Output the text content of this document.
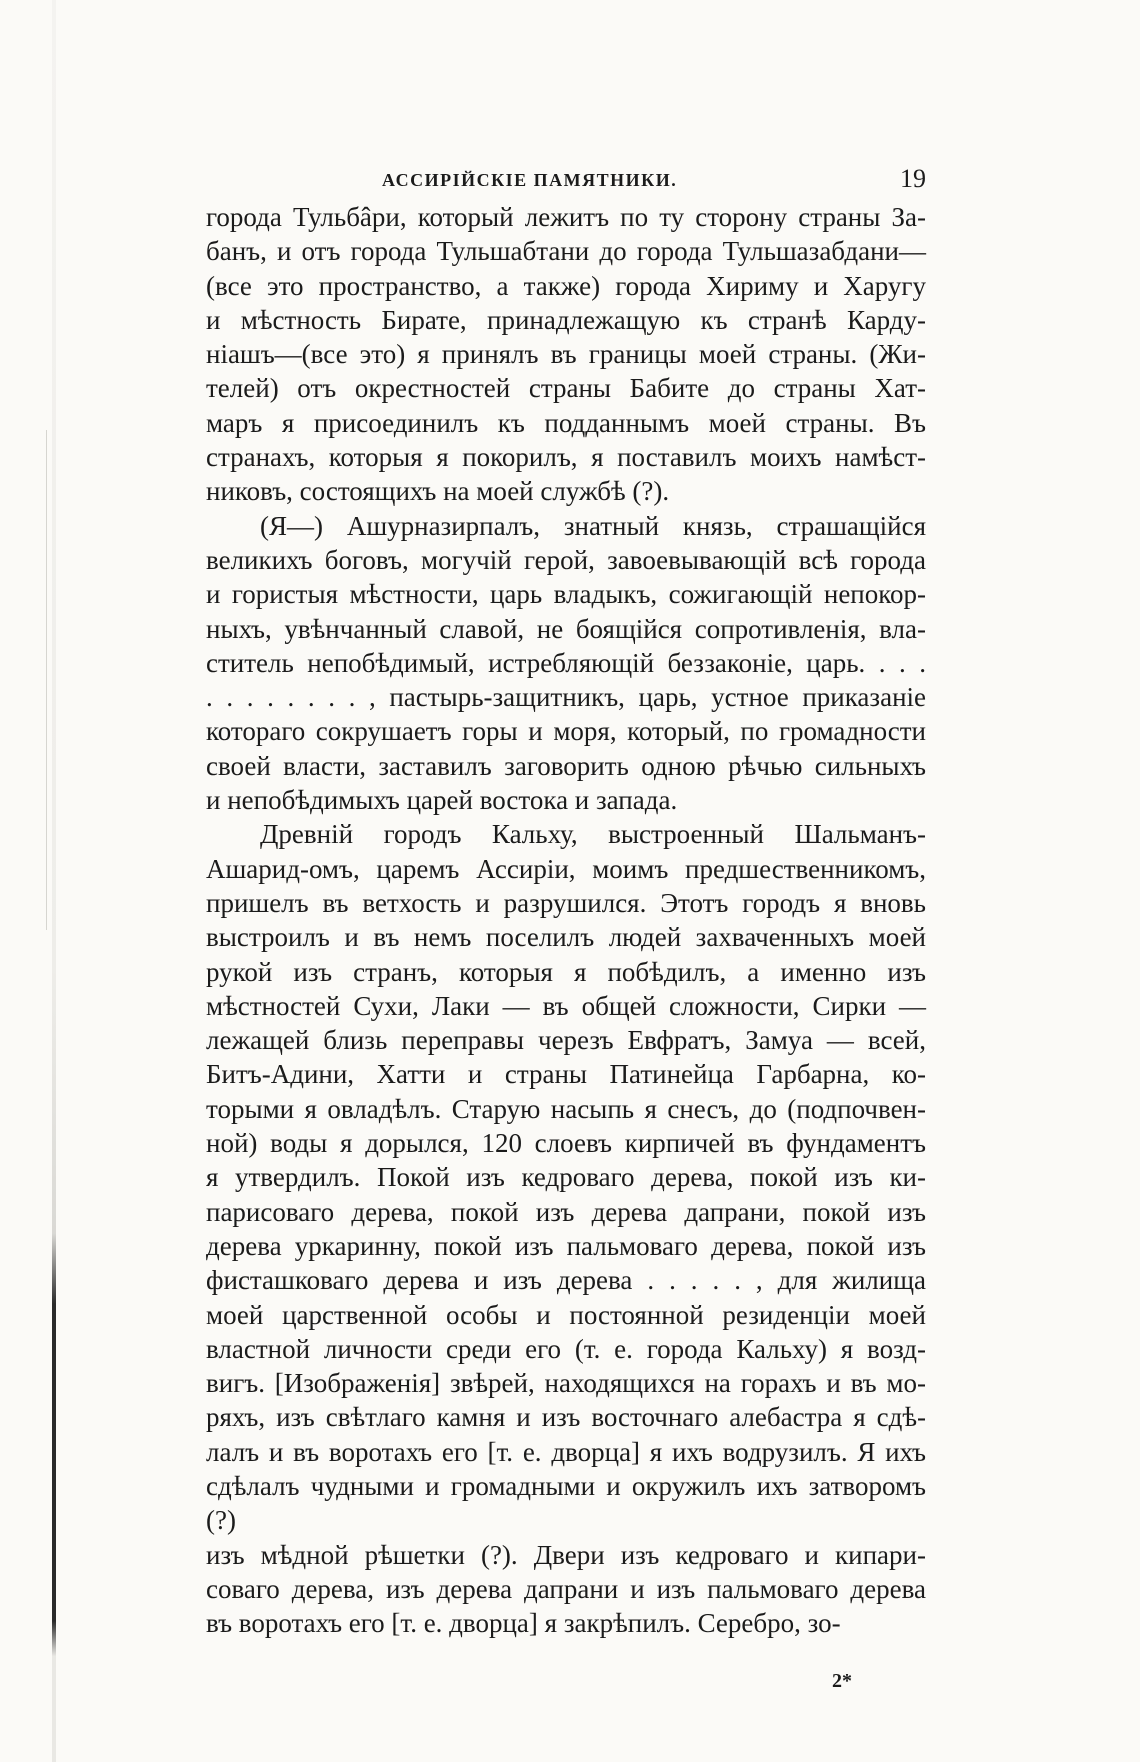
АССИРІЙСКІЕ ПАМЯТНИКИ.	19
города Тульбâри, который лежитъ по ту сторону страны За-
банъ, и отъ города Тульшабтани до города Тульшазабдани—
(все это пространство, а также) города Хириму и Харугу
и мѣстность Бирате, принадлежащую къ странѣ Карду-
ніашъ—(все это) я принялъ въ границы моей страны. (Жи-
телей) отъ окрестностей страны Бабите до страны Хат-
маръ я присоединилъ къ подданнымъ моей страны. Въ
странахъ, которыя я покорилъ, я поставилъ моихъ намѣст-
никовъ, состоящихъ на моей службѣ (?).
(Я—) Ашурназирпалъ, знатный князь, страшащійся
великихъ боговъ, могучій герой, завоевывающій всѣ города
и гористыя мѣстности, царь владыкъ, сожигающій непокор-
ныхъ, увѣнчанный славой, не боящійся сопротивленія, вла-
ститель непобѣдимый, истребляющій беззаконіе, царь. . . .
. . . . . . . . , пастырь-защитникъ, царь, устное приказаніе
котораго сокрушаетъ горы и моря, который, по громадности
своей власти, заставилъ заговорить одною рѣчью сильныхъ
и непобѣдимыхъ царей востока и запада.
Древній городъ Кальху, выстроенный Шальманъ-
Ашарид-омъ, царемъ Ассиріи, моимъ предшественникомъ,
пришелъ въ ветхость и разрушился. Этотъ городъ я вновь
выстроилъ и въ немъ поселилъ людей захваченныхъ моей
рукой изъ странъ, которыя я побѣдилъ, а именно изъ
мѣстностей Сухи, Лаки — въ общей сложности, Сирки —
лежащей близь переправы черезъ Евфратъ, Замуа — всей,
Битъ-Адини, Хатти и страны Патинейца Гарбарна, ко-
торыми я овладѣлъ. Старую насыпь я снесъ, до (подпочвен-
ной) воды я дорылся, 120 слоевъ кирпичей въ фундаментъ
я утвердилъ. Покой изъ кедроваго дерева, покой изъ ки-
парисоваго дерева, покой изъ дерева дапрани, покой изъ
дерева уркаринну, покой изъ пальмоваго дерева, покой изъ
фисташковаго дерева и изъ дерева . . . . . , для жилища
моей царственной особы и постоянной резиденціи моей
властной личности среди его (т. е. города Кальху) я возд-
вигъ. [Изображенія] звѣрей, находящихся на горахъ и въ мо-
ряхъ, изъ свѣтлаго камня и изъ восточнаго алебастра я сдѣ-
лалъ и въ воротахъ его [т. е. дворца] я ихъ водрузилъ. Я ихъ
сдѣлалъ чудными и громадными и окружилъ ихъ затворомъ (?)
изъ мѣдной рѣшетки (?). Двери изъ кедроваго и кипари-
соваго дерева, изъ дерева дапрани и изъ пальмоваго дерева
въ воротахъ его [т. е. дворца] я закрѣпилъ. Серебро, зо-
2*
